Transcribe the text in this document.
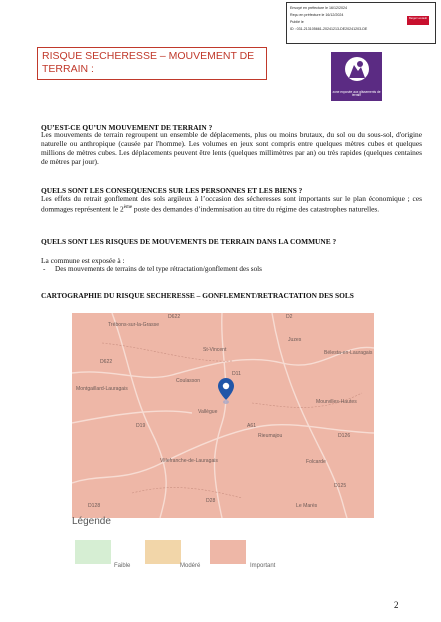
Envoyé en préfecture le 16/12/2024
Reçu en préfecture le 16/12/2024
Publié le
ID : 031-213105661-20241213-DE20241203-DE
Berger Levrault
RISQUE SECHERESSE – MOUVEMENT DE TERRAIN :
zone exposée aux glissements de terrain
QU’EST-CE QU’UN MOUVEMENT DE TERRAIN ?
Les mouvements de terrain regroupent un ensemble de déplacements, plus ou moins brutaux, du sol ou du sous-sol, d'origine naturelle ou anthropique (causée par l'homme). Les volumes en jeux sont compris entre quelques mètres cubes et quelques millions de mètres cubes. Les déplacements peuvent être lents (quelques millimètres par an) ou très rapides (quelques centaines de mètres par jour).
QUELS SONT LES CONSEQUENCES SUR LES PERSONNES ET LES BIENS ?
Les effets du retrait gonflement des sols argileux à l’occasion des sécheresses sont importants sur le plan économique ; ces dommages représentent le 2ème poste des demandes d’indemnisation au titre du régime des catastrophes naturelles.
QUELS SONT LES RISQUES DE MOUVEMENTS DE TERRAIN DANS LA COMMUNE ?
La commune est exposée à :
- Des mouvements de terrains de tel type rétractation/gonflement des sols
CARTOGRAPHIE DU RISQUE SECHERESSE – GONFLEMENT/RETRACTATION DES SOLS
Trébons-sur-la-Grasse
Juzes
Bélesta-en-Lauragais
St-Vincent
Montgaillard-Lauragais
Coulasson
Vallègue
Mourvilles-Hautes
Rieumajou
Villefranche-de-Lauragais	Folcarde
Le Marès
D622	D2
D622
D11
D19	A61
D28
D128
D126
D125
Légende
Faible	Modéré	Important
2
